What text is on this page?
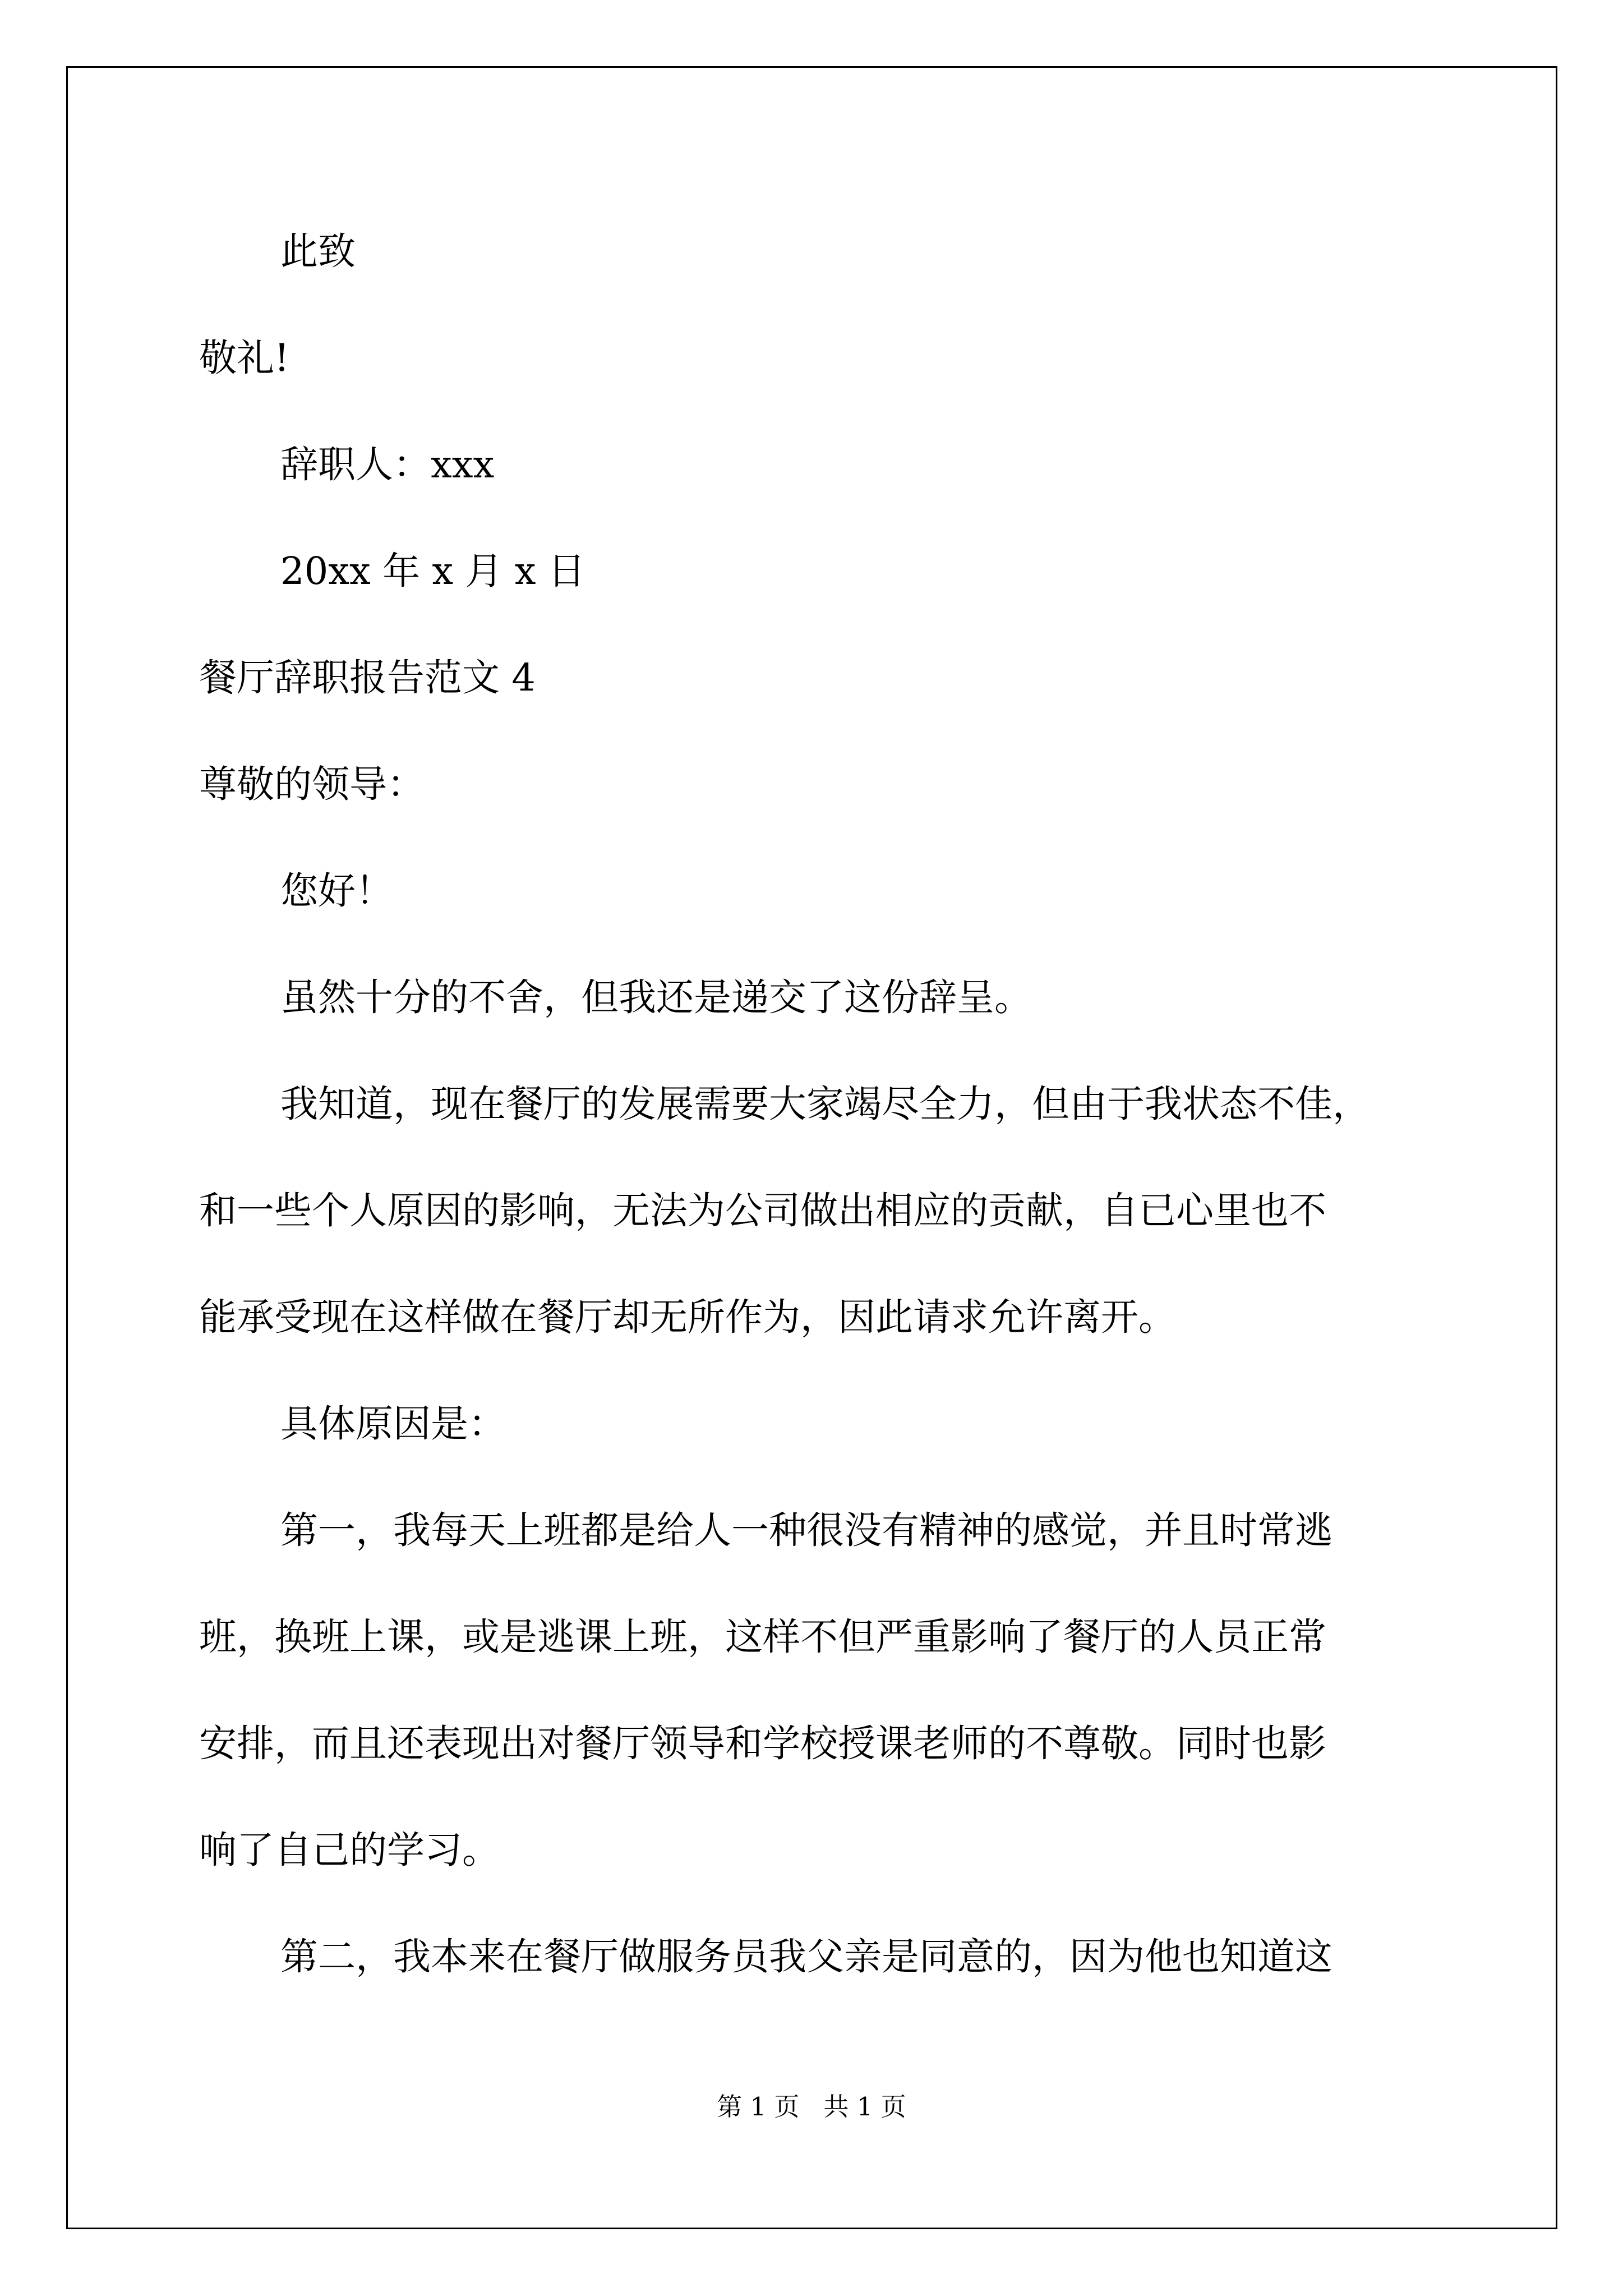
此致
敬礼!
辞职人：xxx
20xx 年 x 月 x 日
餐厅辞职报告范文 4
尊敬的领导：
您好！
虽然十分的不舍，但我还是递交了这份辞呈。
我知道，现在餐厅的发展需要大家竭尽全力，但由于我状态不佳，
和一些个人原因的影响，无法为公司做出相应的贡献，自已心里也不
能承受现在这样做在餐厅却无所作为，因此请求允许离开。
具体原因是：
第一，我每天上班都是给人一种很没有精神的感觉，并且时常逃
班，换班上课，或是逃课上班，这样不但严重影响了餐厅的人员正常
安排，而且还表现出对餐厅领导和学校授课老师的不尊敬。同时也影
响了自己的学习。
第二，我本来在餐厅做服务员我父亲是同意的，因为他也知道这
第 1 页   共 1 页
